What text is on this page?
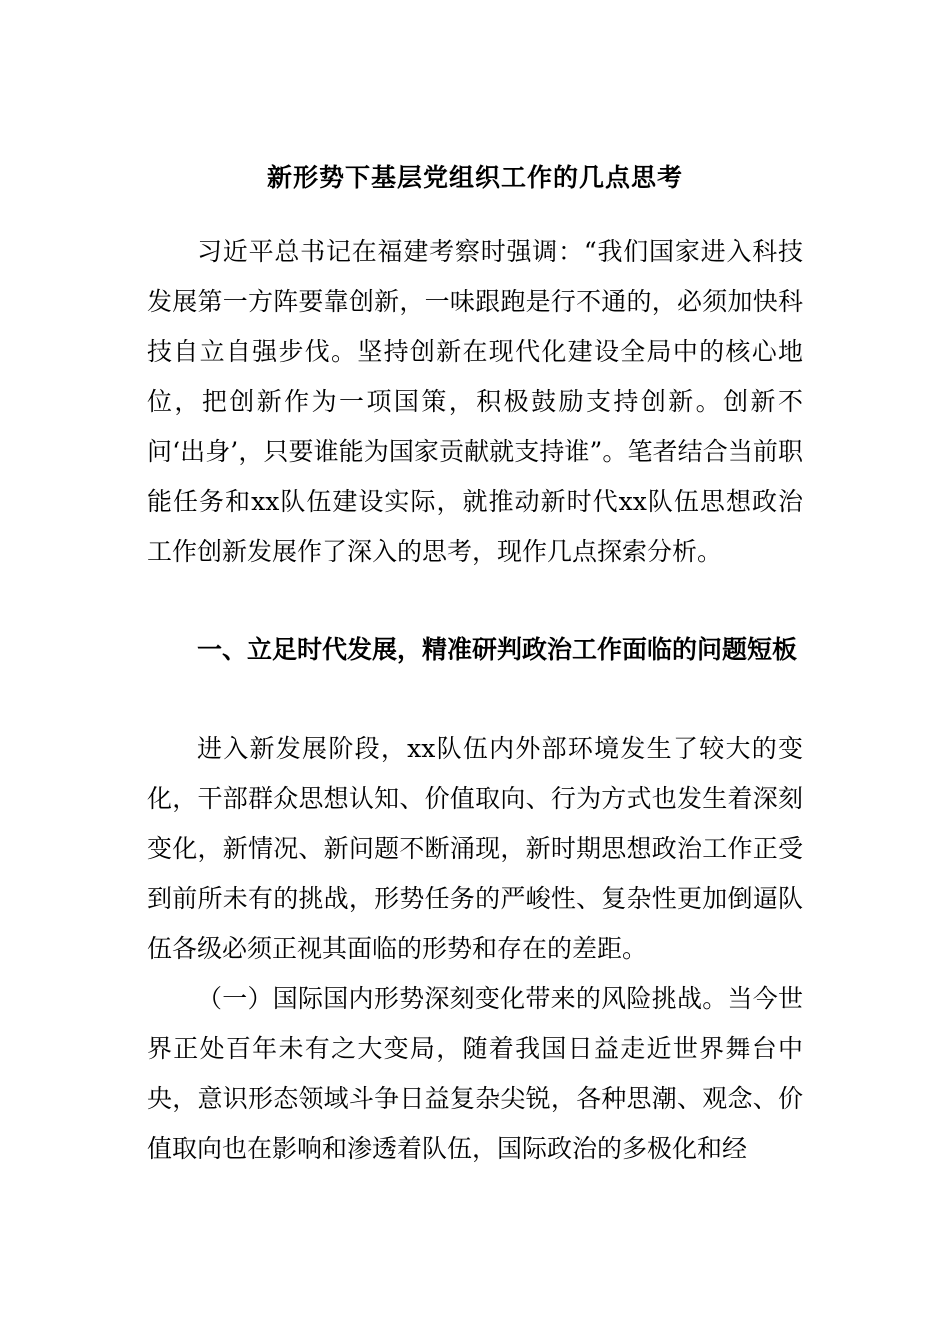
新形势下基层党组织工作的几点思考

习近平总书记在福建考察时强调：“我们国家进入科技发展第一方阵要靠创新，一味跟跑是行不通的，必须加快科技自立自强步伐。坚持创新在现代化建设全局中的核心地位，把创新作为一项国策，积极鼓励支持创新。创新不问‘出身’，只要谁能为国家贡献就支持谁”。笔者结合当前职能任务和xx队伍建设实际，就推动新时代xx队伍思想政治工作创新发展作了深入的思考，现作几点探索分析。

一、立足时代发展，精准研判政治工作面临的问题短板

进入新发展阶段，xx队伍内外部环境发生了较大的变化，干部群众思想认知、价值取向、行为方式也发生着深刻变化，新情况、新问题不断涌现，新时期思想政治工作正受到前所未有的挑战，形势任务的严峻性、复杂性更加倒逼队伍各级必须正视其面临的形势和存在的差距。

（一）国际国内形势深刻变化带来的风险挑战。当今世界正处百年未有之大变局，随着我国日益走近世界舞台中央，意识形态领域斗争日益复杂尖锐，各种思潮、观念、价值取向也在影响和渗透着队伍，国际政治的多极化和经
